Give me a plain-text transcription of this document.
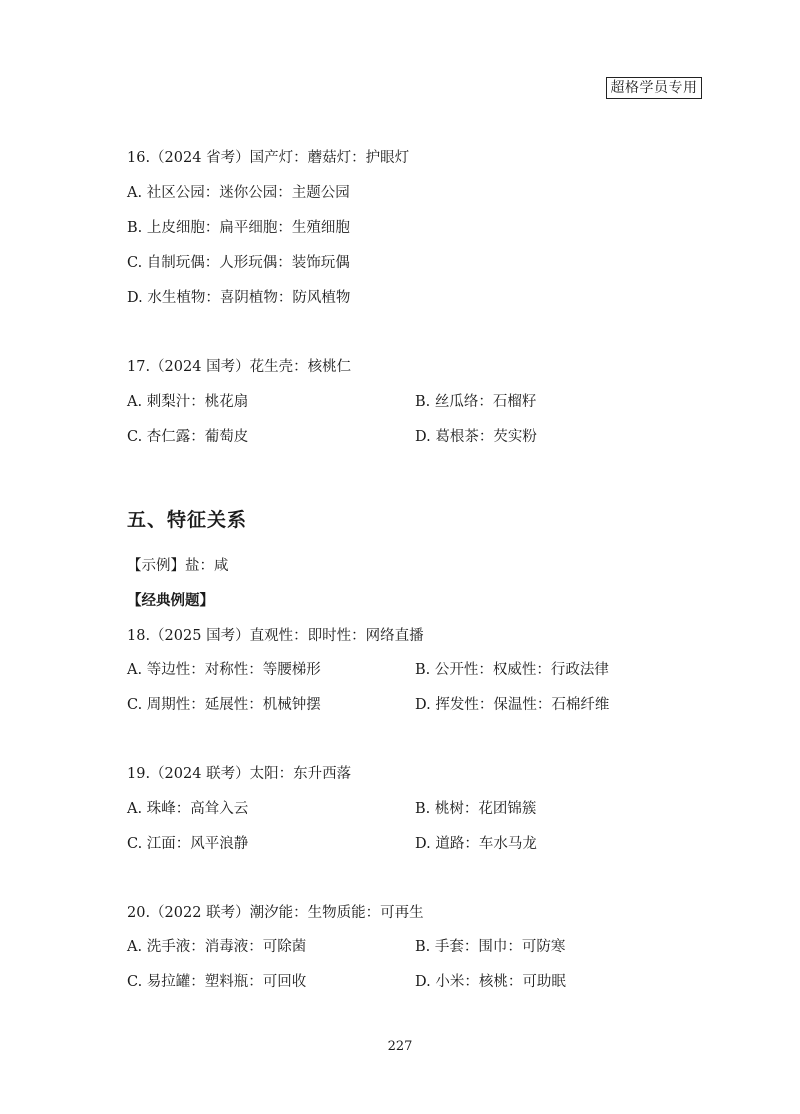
超格学员专用
16.（2024 省考）国产灯：蘑菇灯：护眼灯
A. 社区公园：迷你公园：主题公园
B. 上皮细胞：扁平细胞：生殖细胞
C. 自制玩偶：人形玩偶：装饰玩偶
D. 水生植物：喜阴植物：防风植物
17.（2024 国考）花生壳：核桃仁
A. 刺梨汁：桃花扇	B. 丝瓜络：石榴籽
C. 杏仁露：葡萄皮	D. 葛根茶：芡实粉
五、特征关系
【示例】盐：咸
【经典例题】
18.（2025 国考）直观性：即时性：网络直播
A. 等边性：对称性：等腰梯形	B. 公开性：权威性：行政法律
C. 周期性：延展性：机械钟摆	D. 挥发性：保温性：石棉纤维
19.（2024 联考）太阳：东升西落
A. 珠峰：高耸入云	B. 桃树：花团锦簇
C. 江面：风平浪静	D. 道路：车水马龙
20.（2022 联考）潮汐能：生物质能：可再生
A. 洗手液：消毒液：可除菌	B. 手套：围巾：可防寒
C. 易拉罐：塑料瓶：可回收	D. 小米：核桃：可助眠
227
